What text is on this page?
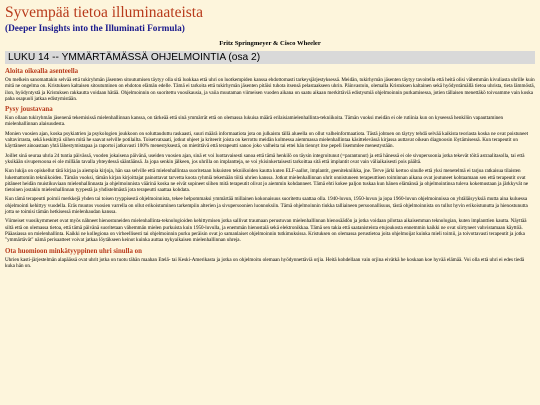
Syvempää tietoa illuminaateista
(Deeper Insights into the Illuminati Formula)
Fritz Springmeyer & Cisco Wheeler
LUKU 14 -- YMMÄRTÄMÄSSÄ OHJELMOINTIA (osa 2)
Aloita oikealla asenteella

On melkein sanomattakin selvää että tukiryhmän jäsenten sitoutumisen täytyy olla sitä luokkaa että uhri on luotkempiden kanssa ehdottomasti tarkeysjärjestyksessä. Meidän, tukirhymän jäsenten täytyy tavoitella että heitä olisi vähemmän kivuliasta uhrille kuin mitä ne ongelma on. Kristuksen kaltaisen sitoutuminen on ehdoton elämän edelle. Tämä ei tarkoita että tukirhymän jäsenten pitäisi tuhota itsensä pelastaakseen uhrin. Päinvastoin, olemalla Kristuksen kaltainen sekä hyödyntämällä tietoa uhrista, tieta lämmöstä, ilon, hyödyntystä ja Kristuksen rakkautta voidaan hätää. Ohjelmoinnin on suoritettu vuosikausia, ja vaiia muutaman viimeisen vuoden aikana on saatu aikaan merkittäviä edistysmiä ohjelmoinnin purkamisessa, jotien tällaisen menettäkö toivoamme vain koska paha osapuoli jatkaa edistymistään.

Pysy joustavana

Kun ollaan tukiryhmän jäsenenä tekemisissä mielenhallinnan kanssa, on tärkeää että sinä ymmärrät että on olemassa lukuisa määrä erilaisiamielenhallinta-tekniikoita. Tämän vuoksi meidän ei ole rutiinia kun on kyseessä henkilön vapauttaminen mielenhallinnan alaisuudesta.

Monien vuosien ajan, koska psykiatrien ja psykologien joukkoon on soluttauduttu raskaasti, suuri määrä informaatiota jota on julkaistu tällä alueella on ollut valheinformaatiota. Tästä johtuen on täytyy tehdä selvää kaikista teoriasta koska ne ovat poistuneet valtavirrasta, sekä keskittyä siihen mitä he saavat selville potilailta. Toisetvatsaati, jotkut ohjeet ja kriteerit joista on kerrottu meidän kolmessa aiemmassa mielenhallintaa käsittelevässä kirjassa auttavat oikean diagnoosin löytämisessä. Kun terapeutit on käyttäneet ainoastaan yhtä lähestymistapaa ja raportoi jatkuvasti 100% menestyksestä, on mietittävä että terapeutti sanoo joko valheita tai ettei hän tiennyt itse pepeli lisemmlee menestystään.

Joillet sinä seuraa uhria 24 tuntia päivässä, vuoden jokaisena päivänä, useiden vuosien ajan, sinä et voi luottavaisesti sanoa että tämä henkilö on täysin integroitunut (=parantunut) ja että hänessä ei ole sivupersoonia jotka tekevät töitä astraalitasolla, tai että yksikään sivupersoona ei ole millään tavalla yhteydessä sääntäänsä. Ja jopa senkin jälkeen, jos uhrilla on implantteja, se voi ykisinkertaisesti tarkoittaa sitä että implantit ovat vain väliaikaisesti pois päältä.

Kun lukija on opiskellut tätä kirjaa ja aiempia kirjoja, hän saa selville että mielenhallintaa suoritetaan lukuisten tekniikoiden kautta kuten ELF-aallot, implantit, geenitekniikka, jne. Terve järki kertoo sinulle että yksi menetelmä ei tarjoa ratkaisua tilaisten lukemattomiin tekniikoiden. Tämän vuoksi, tämän kirjan kirjoittajat painottavat tarvetta koota ryhmiä tekemään töitä uhrien kanssa. Jotkut mielenhallinnan uhrit onnistuneen terapeuttisen toiminnan aikana ovat joutuneet kohtaamaan sen että terapeutit ovat pitäneet heidän muistikuviaan mielenhallinnasta ja ohjelmoinnista väärinä koska ne eivät sopineet siihen mitä terapeutit olivat jo aiemmin kohdanneet. Tämä ehti kokee paljon tuskaa kun hänen elämänsä ja ohjelmointinsa tuleva kokemustaan ja järkkyvät ne tietoinen jostakin mielenhallinnan tyypestä ja yhdistelmästä jota terapeutti saattaa kohdata.

Kun tämä terapeutti poimii merkkejä yhden tai toisen tyyppisestä ohjelmoinnista, tekee helpommaksi ymmärtää millainen kokonaisuus suoritettu saattaa olla. 1940-luvun, 1950-luvun ja jopa 1960-luvun ohjelmoinnissa on yhtäläisyyksiä mutta aina kuluessa ohjelmointi kehittyy vuodella. Eräs muutos vuosien varrella on ollut erikoistuminen tarkempiin alterien ja sivupersoonien luonnoksiin. Tämä ohjelmoinnin tiukka talliaineen persoonallisuus, tästä ohjelmoinnista on tullut hyvin erikoistunutta ja hienostunutta jotta se toimisi tämän hetkisessä mielenhaudan kanssa.

Viimeiset vuosikymmenet ovat myös nähneet hienostuneiden mielenhallinta-teknologioiden kehittymisen jotka sallivat traumaan perustuvan mielenhallinnan hienosäädön ja jotka voidaan pilottaa aikaisemman teknologian, kuten implanttien kautta. Näyttää siltä että on olemassa tietoa, että tämä päivänä suoritetaan vähemmän mielen purkuista kuin 1950-luvulla, ja enemmän hienostaiä sekä elektronikkaa. Tämä sen takia että saatanisteista etujoukosta ennemmin kaikki ne ovat siirtyneet vahvistamaan käyttöä. Pääasiassa on mielenhallinta. Kaikki ne kollegiona on virheellisesti tai ohjelmoinnin purku peräisin ovat jo samanlaiset ohjelmoinnin tutkimuksissa. Kristuksen on olemassa perustietoa joita ohjelmoijat kuinka mieli toimii, ja toivottavasti terapeutit ja jotka "ymmärtävät" nämä perisaatteet voivat jatkaa löytäkseen keinot kuinka auttaa nykyaikaisen mielenhallinnan uhreja.

Ota huomioon minkätyyppinen uhri sinulla on

Uhrien kasti-järjestelmän alapäässä ovat uhrit jotka on tuotu tähän maahan Etelä- tai Keski-Amerikasta ja jotka on ohjelmoitu olemaan hyödynnettäviä orjia. Heitä kohdellaan vain orjina eivätkä he koskaan koe hyvää elämää. Voi olla että uhri ei edes tiedä kuka hän on.
